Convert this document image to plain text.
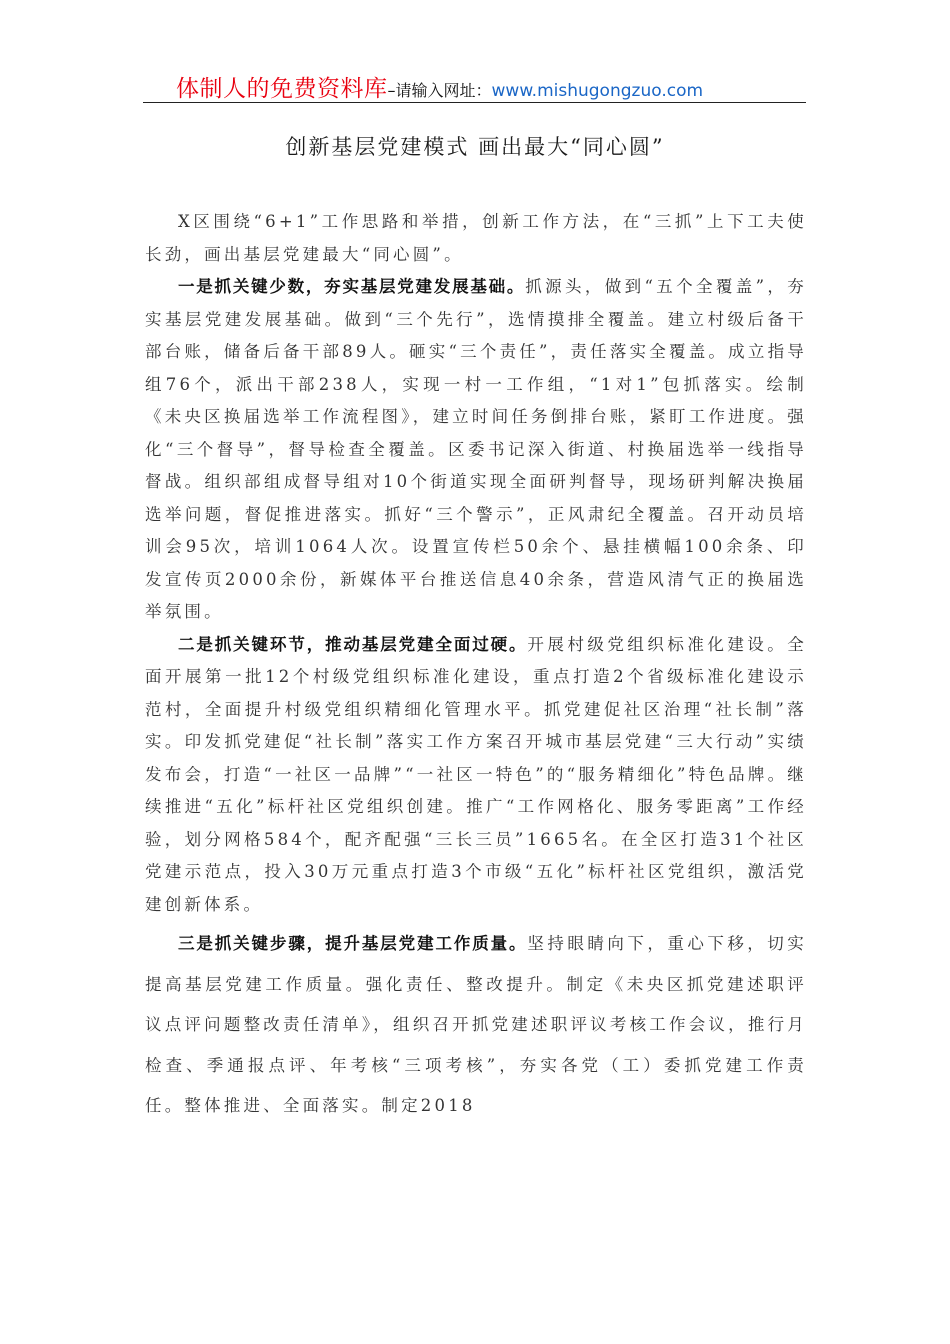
体制人的免费资料库–请输入网址：www.mishugongzuo.com
创新基层党建模式 画出最大“同心圆”

X区围绕“6+1”工作思路和举措，创新工作方法，在“三抓”上下工夫使长劲，画出基层党建最大“同心圆”。

一是抓关键少数，夯实基层党建发展基础。抓源头，做到“五个全覆盖”，夯实基层党建发展基础。做到“三个先行”，选情摸排全覆盖。建立村级后备干部台账，储备后备干部89人。砸实“三个责任”，责任落实全覆盖。成立指导组76个，派出干部238人，实现一村一工作组，“1对1”包抓落实。绘制《未央区换届选举工作流程图》，建立时间任务倒排台账，紧盯工作进度。强化“三个督导”，督导检查全覆盖。区委书记深入街道、村换届选举一线指导督战。组织部组成督导组对10个街道实现全面研判督导，现场研判解决换届选举问题，督促推进落实。抓好“三个警示”，正风肃纪全覆盖。召开动员培训会95次，培训1064人次。设置宣传栏50余个、悬挂横幅100余条、印发宣传页2000余份，新媒体平台推送信息40余条，营造风清气正的换届选举氛围。

二是抓关键环节，推动基层党建全面过硬。开展村级党组织标准化建设。全面开展第一批12个村级党组织标准化建设，重点打造2个省级标准化建设示范村，全面提升村级党组织精细化管理水平。抓党建促社区治理“社长制”落实。印发抓党建促“社长制”落实工作方案召开城市基层党建“三大行动”实绩发布会，打造“一社区一品牌”“一社区一特色”的“服务精细化”特色品牌。继续推进“五化”标杆社区党组织创建。推广“工作网格化、服务零距离”工作经验，划分网格584个，配齐配强“三长三员”1665名。在全区打造31个社区党建示范点，投入30万元重点打造3个市级“五化”标杆社区党组织，激活党建创新体系。

三是抓关键步骤，提升基层党建工作质量。坚持眼睛向下，重心下移，切实提高基层党建工作质量。强化责任、整改提升。制定《未央区抓党建述职评议点评问题整改责任清单》，组织召开抓党建述职评议考核工作会议，推行月检查、季通报点评、年考核“三项考核”，夯实各党（工）委抓党建工作责任。整体推进、全面落实。制定2018
